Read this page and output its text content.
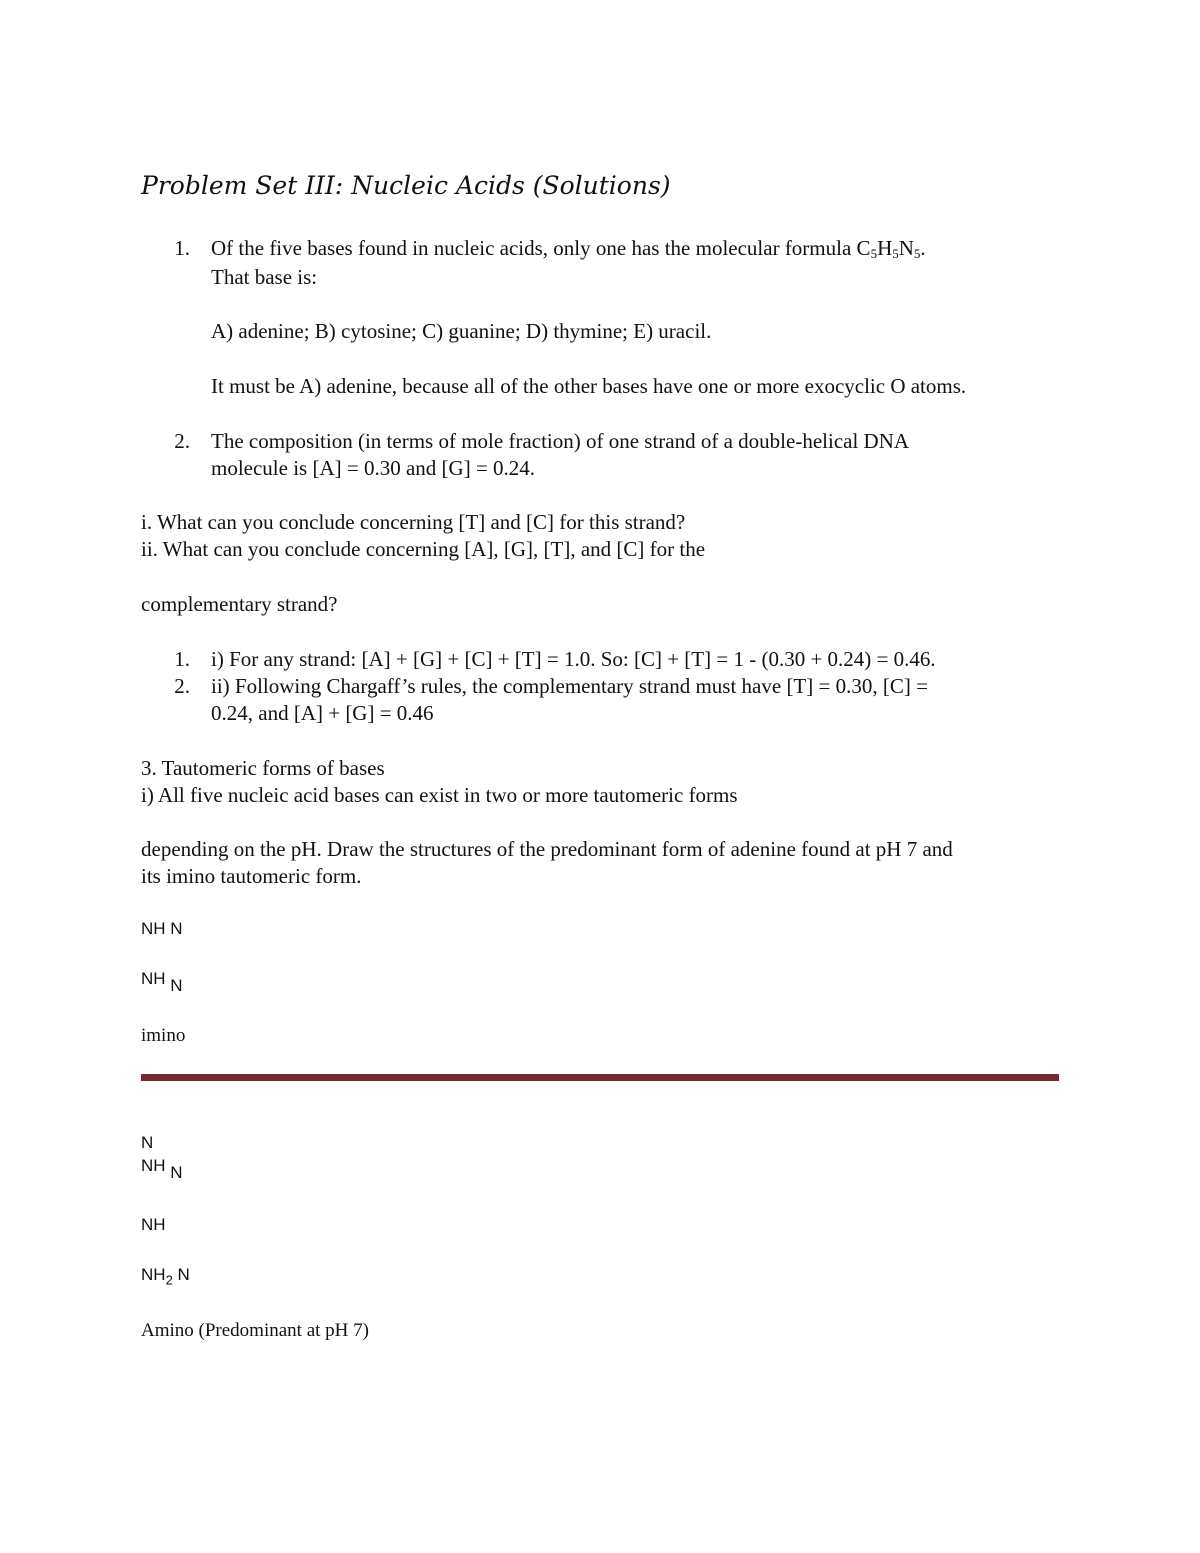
Problem Set III: Nucleic Acids (Solutions)
1. Of the five bases found in nucleic acids, only one has the molecular formula $C_5H_5N_5$.
That base is:
A) adenine; B) cytosine; C) guanine; D) thymine; E) uracil.
It must be A) adenine, because all of the other bases have one or more exocyclic O atoms.
2. The composition (in terms of mole fraction) of one strand of a double-helical DNA
molecule is [A] = 0.30 and [G] = 0.24.
i. What can you conclude concerning [T] and [C] for this strand?
ii. What can you conclude concerning [A], [G], [T], and [C] for the
complementary strand?
1. i) For any strand: [A] + [G] + [C] + [T] = 1.0. So: [C] + [T] = 1 - (0.30 + 0.24) = 0.46.
2. ii) Following Chargaff’s rules, the complementary strand must have [T] = 0.30, [C] =
0.24, and [A] + [G] = 0.46
3. Tautomeric forms of bases
i) All five nucleic acid bases can exist in two or more tautomeric forms
depending on the pH. Draw the structures of the predominant form of adenine found at pH 7 and
its imino tautomeric form.
NH N
NH N
imino
N
NH N
NH
$NH_2$ N
Amino (Predominant at pH 7)
